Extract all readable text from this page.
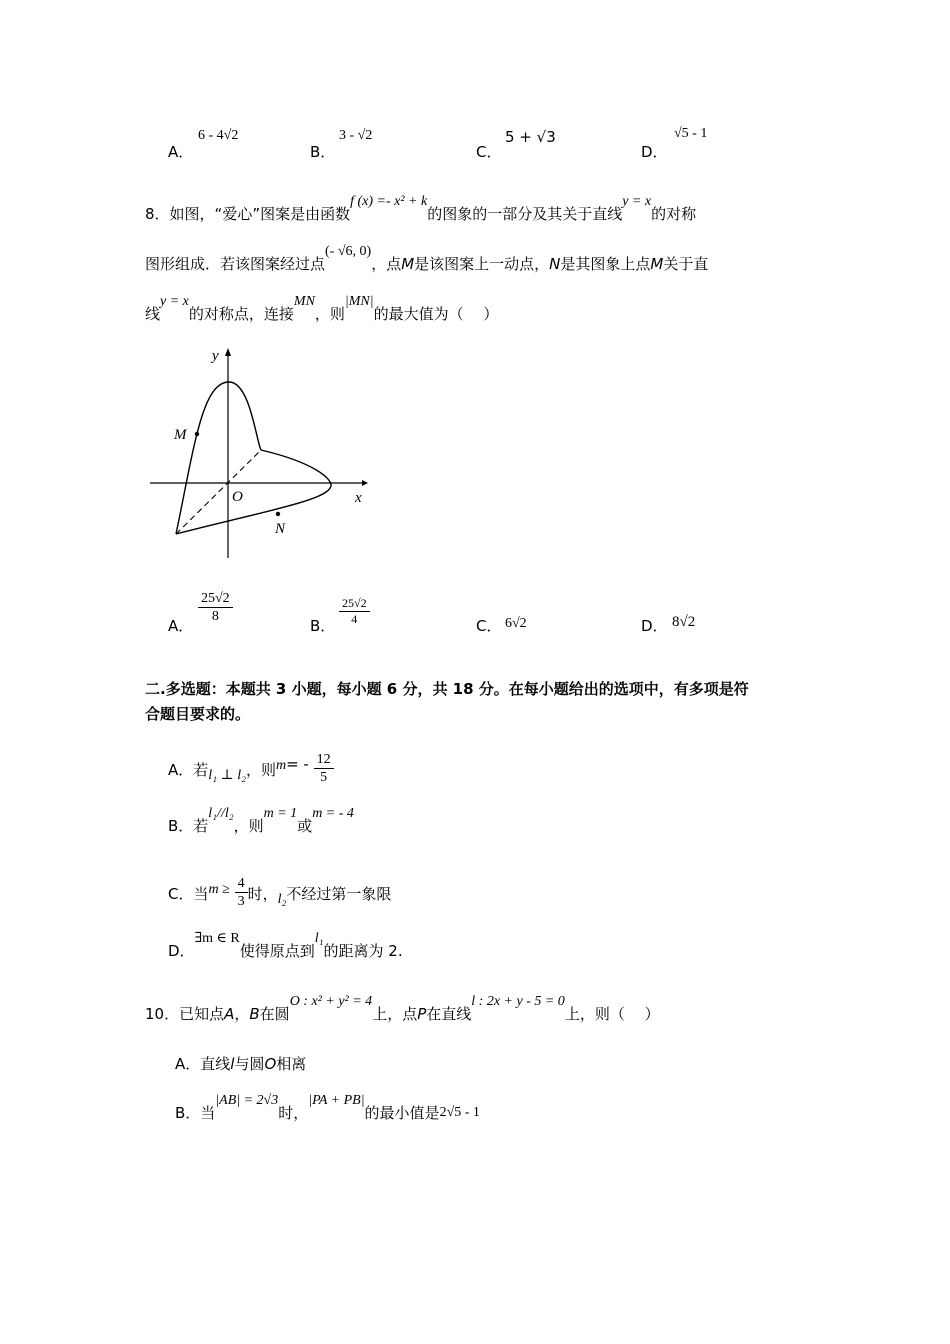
A．
6 - 4√2
B．
3 - √2
C．
5 + √3
D．
√5 - 1
8．如图，“爱心”图案是由函数f (x) =- x² + k的图象的一部分及其关于直线y = x的对称
图形组成．若该图案经过点(- √6, 0)，点M是该图案上一动点，N是其图象上点M关于直
线y = x的对称点，连接MN，则|MN|的最大值为（　 ）
y
x
O
M
N
A．
$\frac{25√2}{8}$
B． $\frac{25√2}{4}$	C． 6√2	D． 8√2
二.多选题：本题共 3 小题，每小题 6 分，共 18 分。在每小题给出的选项中，有多项是符
合题目要求的。
A．若l₁ ⊥ l₂，则$m= - \frac{12}{5}$
B．若l₁//l₂，则m = 1或m = - 4
C．当$m \ge \frac{4}{3}$ 时，l₂不经过第一象限
D．∃m ∈ R使得原点到l₁的距离为 2.
10．已知点A，B在圆O : x² + y² = 4上，点P在直线l : 2x + y - 5 = 0上，则（　 ）
A．直线l与圆O相离
B．当|AB| = 2√3时，|PA + PB|的最小值是2√5 - 1
